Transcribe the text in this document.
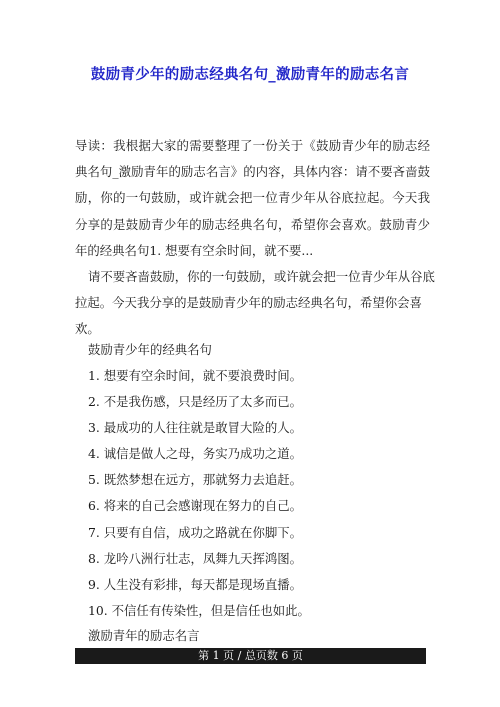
鼓励青少年的励志经典名句_激励青年的励志名言
导读：我根据大家的需要整理了一份关于《鼓励青少年的励志经典名句_激励青年的励志名言》的内容，具体内容：请不要吝啬鼓励，你的一句鼓励，或许就会把一位青少年从谷底拉起。今天我分享的是鼓励青少年的励志经典名句，希望你会喜欢。鼓励青少年的经典名句1. 想要有空余时间，就不要...
请不要吝啬鼓励，你的一句鼓励，或许就会把一位青少年从谷底拉起。今天我分享的是鼓励青少年的励志经典名句，希望你会喜欢。
鼓励青少年的经典名句
1. 想要有空余时间，就不要浪费时间。
2. 不是我伤感，只是经历了太多而已。
3. 最成功的人往往就是敢冒大险的人。
4. 诚信是做人之母，务实乃成功之道。
5. 既然梦想在远方，那就努力去追赶。
6. 将来的自己会感谢现在努力的自己。
7. 只要有自信，成功之路就在你脚下。
8. 龙吟八洲行壮志，凤舞九天挥鸿图。
9. 人生没有彩排，每天都是现场直播。
10. 不信任有传染性，但是信任也如此。
激励青年的励志名言
第 1 页 / 总页数 6 页
